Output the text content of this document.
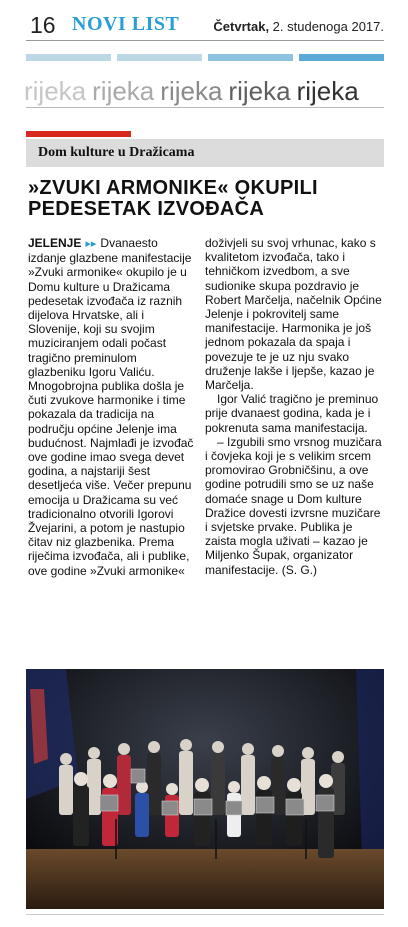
16 NOVI LIST	Četvrtak, 2. studenoga 2017.
rijeka rijeka rijeka rijeka rijeka
Dom kulture u Dražicama
»ZVUKI ARMONIKE« OKUPILI
PEDESETAK IZVOĐAČA

JELENJE ▸▸ Dvanaesto izdanje glazbene manifestacije »Zvuki armonike« okupilo je u Domu kulture u Dražicama pedesetak izvođača iz raznih dijelova Hrvatske, ali i Slovenije, koji su svojim muziciranjem odali počast tragično preminulom glazbeniku Igoru Valiću. Mnogobrojna publika došla je čuti zvukove harmonike i time pokazala da tradicija na području općine Jelenje ima budućnost. Najmlađi je izvođač ove godine imao svega devet godina, a najstariji šest desetljeća više. Večer prepunu emocija u Dražicama su već tradicionalno otvorili Igorovi Žvejarini, a potom je nastupio čitav niz glazbenika. Prema riječima izvođača, ali i publike, ove godine »Zvuki armonike«

doživjeli su svoj vrhunac, kako s kvalitetom izvođača, tako i tehničkom izvedbom, a sve sudionike skupa pozdravio je Robert Marčelja, načelnik Općine Jelenje i pokrovitelj same manifestacije. Harmonika je još jednom pokazala da spaja i povezuje te je uz nju svako druženje lakše i ljepše, kazao je Marčelja.

Igor Valić tragično je preminuo prije dvanaest godina, kada je i pokrenuta sama manifestacija.

– Izgubili smo vrsnog muzičara i čovjeka koji je s velikim srcem promovirao Grobničšinu, a ove godine potrudili smo se uz naše domaće snage u Dom kulture Dražice dovesti izvrsne muzičare i svjetske prvake. Publika je zaista mogla uživati – kazao je Miljenko Šupak, organizator manifestacije. (S. G.)
